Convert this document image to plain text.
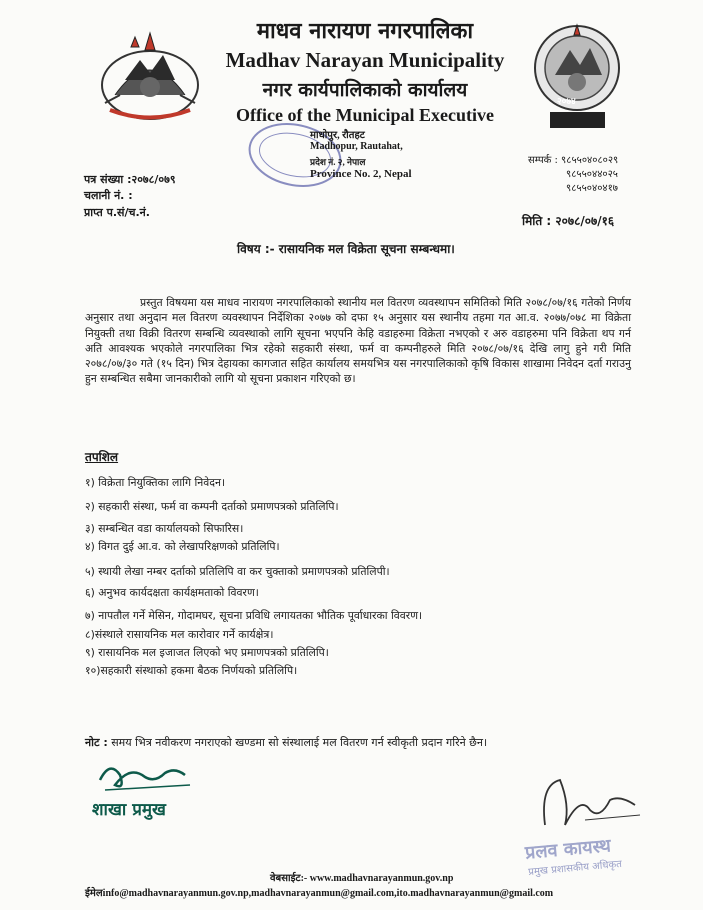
२०७४
माधव नारायण नगरपालिका
Madhav Narayan Municipality
नगर कार्यपालिकाको कार्यालय
Office of the Municipal Executive
माधोपुर, रौतहट
Madhopur, Rautahat,
प्रदेश नं. २, नेपाल
Province No. 2, Nepal
पत्र संख्या :२०७८/०७९
चलानी नं. :
प्राप्त प.सं/च.नं.
सम्पर्क : ९८५५०४०८०२९
९८५५०४४०२५
९८५५०४०४१७
मिति : २०७८/०७/१६
विषय :- रासायनिक मल विक्रेता सूचना सम्बन्धमा।
प्रस्तुत विषयमा यस माधव नारायण नगरपालिकाको स्थानीय मल वितरण व्यवस्थापन समितिको मिति २०७८/०७/१६ गतेको निर्णय अनुसार तथा अनुदान मल वितरण व्यवस्थापन निर्देशिका २०७७ को दफा १५ अनुसार यस स्थानीय तहमा गत आ.व. २०७७/०७८ मा विक्रेता नियुक्ती तथा विक्री वितरण सम्बन्धि व्यवस्थाको लागि सूचना भएपनि केहि वडाहरुमा विक्रेता नभएको र अरु वडाहरुमा पनि विक्रेता थप गर्न अति आवश्यक भएकोले नगरपालिका भित्र रहेको सहकारी संस्था, फर्म वा कम्पनीहरुले मिति २०७८/०७/१६ देखि लागु हुने गरी मिति २०७८/०७/३० गते (१५ दिन) भित्र देहायका कागजात सहित कार्यालय समयभित्र यस नगरपालिकाको कृषि विकास शाखामा निवेदन दर्ता गराउनु हुन सम्बन्धित सबैमा जानकारीको लागि यो सूचना प्रकाशन गरिएको छ।
तपशिल
१) विक्रेता नियुक्तिका लागि निवेदन।
२) सहकारी संस्था, फर्म वा कम्पनी दर्ताको प्रमाणपत्रको प्रतिलिपि।
३) सम्बन्धित वडा कार्यालयको सिफारिस।
४) विगत दुई आ.व. को लेखापरिक्षणको प्रतिलिपि।
५) स्थायी लेखा नम्बर दर्ताको प्रतिलिपि वा कर चुक्ताको प्रमाणपत्रको प्रतिलिपी।
६) अनुभव कार्यदक्षता कार्यक्षमताको विवरण।
७) नापतौल गर्ने मेसिन, गोदामघर, सूचना प्रविधि लगायतका भौतिक पूर्वाधारका विवरण।
८)संस्थाले रासायनिक मल कारोवार गर्ने कार्यक्षेत्र।
९) रासायनिक मल इजाजत लिएको भए प्रमाणपत्रको प्रतिलिपि।
१०)सहकारी संस्थाको हकमा बैठक निर्णयको प्रतिलिपि।
नोट : समय भित्र नवीकरण नगराएको खण्डमा सो संस्थालाई मल वितरण गर्न स्वीकृती प्रदान गरिने छैन।
शाखा प्रमुख
प्रलव कायस्थ
प्रमुख प्रशासकीय अधिकृत
वेबसाईट:- www.madhavnarayanmun.gov.np
ईमेलinfo@madhavnarayanmun.gov.np,madhavnarayanmun@gmail.com,ito.madhavnarayanmun@gmail.com
